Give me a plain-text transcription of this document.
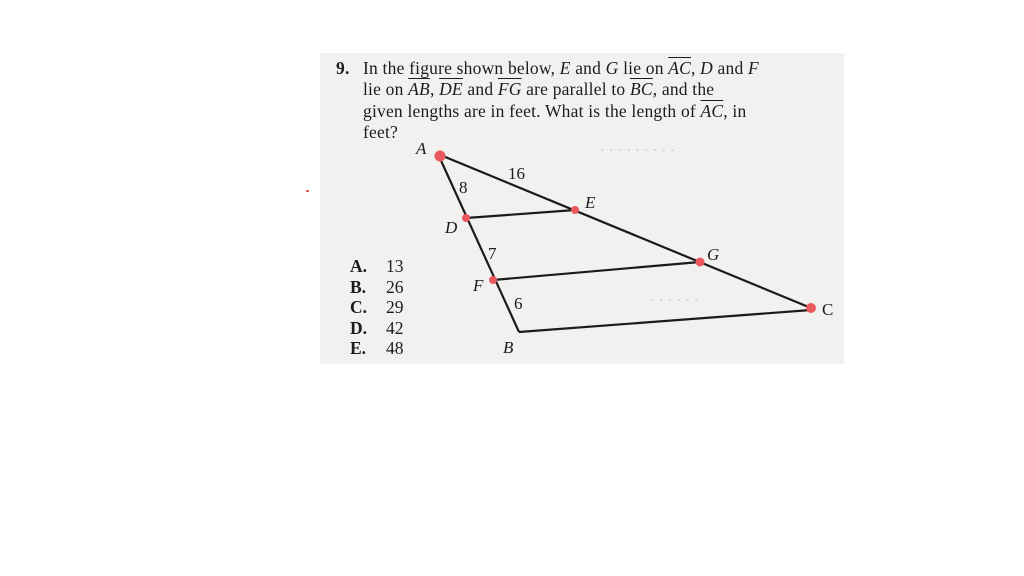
· · · · · · · · ·
· · · · · ·
9. In the figure shown below, E and G lie on $\overline{AC}$, D and F
lie on $\overline{AB}$, $\overline{DE}$ and $\overline{FG}$ are parallel to $\overline{BC}$, and the
given lengths are in feet. What is the length of $\overline{AC}$, in
feet?
A
D
E
F
G
C
B
16
8
7
6
A. 13
B. 26
C. 29
D. 42
E. 48
